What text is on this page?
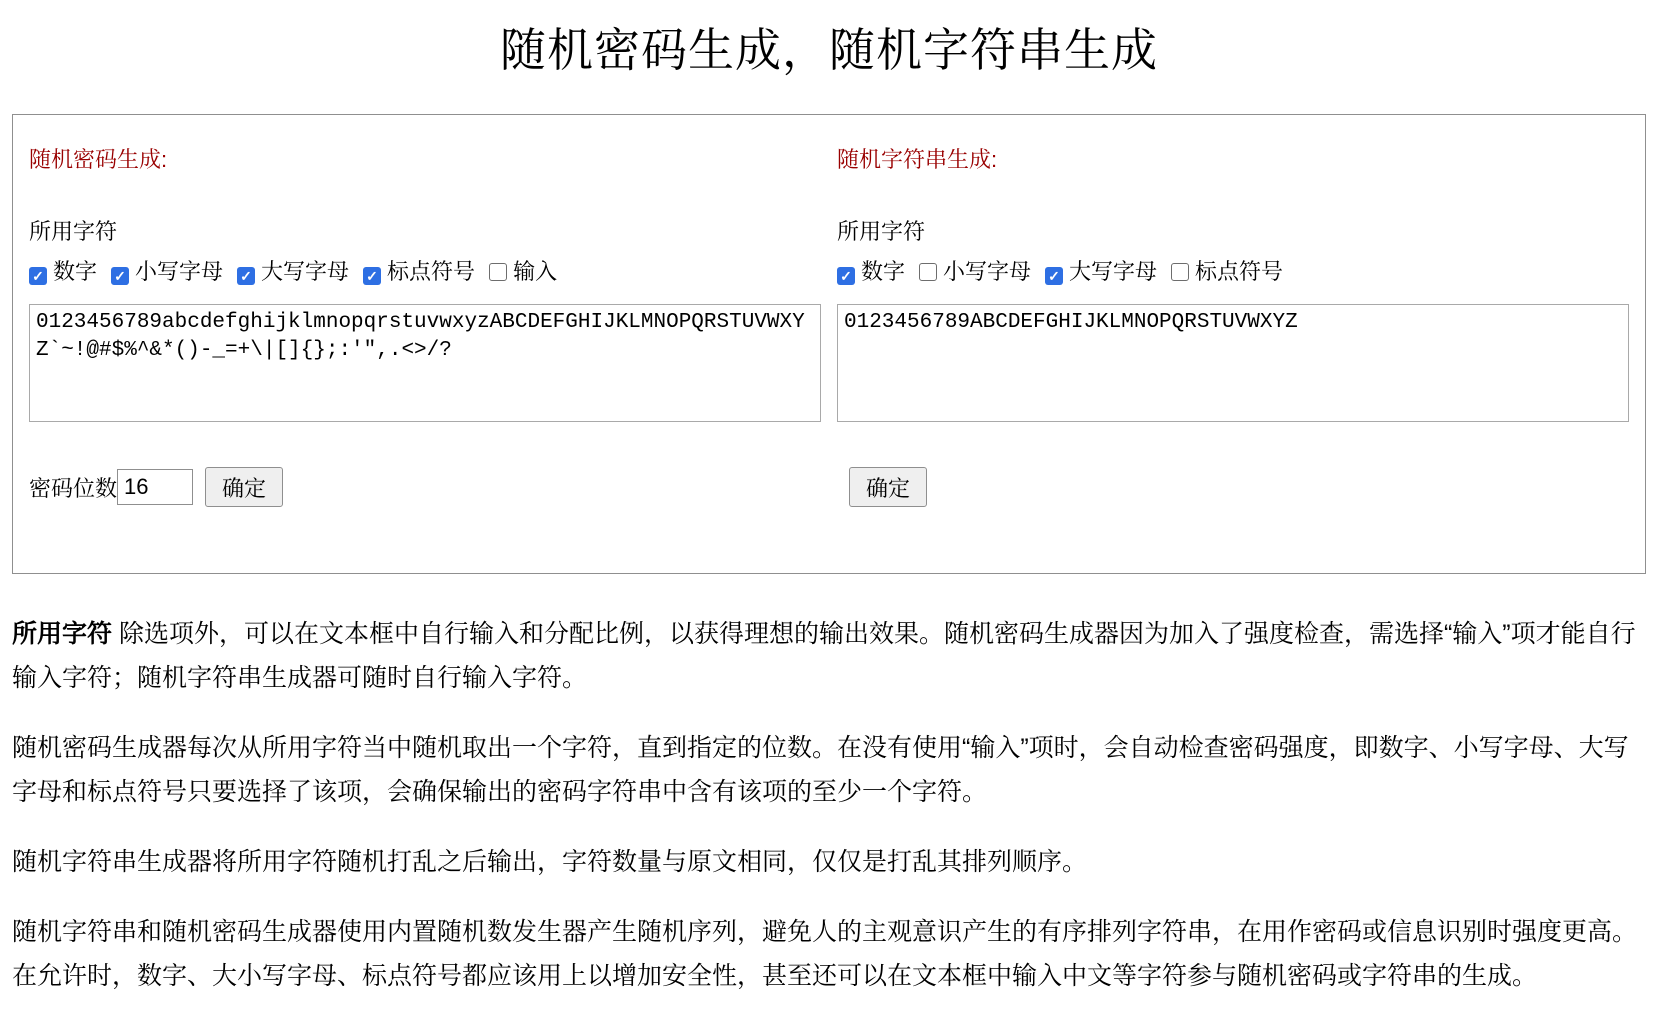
随机密码生成，随机字符串生成

随机密码生成:

所用字符
✓ 数字 ✓ 小写字母 ✓ 大写字母 ✓ 标点符号 输入

0123456789abcdefghijklmnopqrstuvwxyzABCDEFGHIJKLMNOPQRSTUVWXYZ`~!@#$%^&*()-_=+\|[]{};:'",.<>/?

密码位数
16	确定

随机字符串生成:

所用字符
✓ 数字 小写字母 ✓ 大写字母 标点符号

0123456789ABCDEFGHIJKLMNOPQRSTUVWXYZ

确定

所用字符 除选项外，可以在文本框中自行输入和分配比例，以获得理想的输出效果。随机密码生成器因为加入了强度检查，需选择“输入”项才能自行输入字符；随机字符串生成器可随时自行输入字符。

随机密码生成器每次从所用字符当中随机取出一个字符，直到指定的位数。在没有使用“输入”项时，会自动检查密码强度，即数字、小写字母、大写字母和标点符号只要选择了该项，会确保输出的密码字符串中含有该项的至少一个字符。

随机字符串生成器将所用字符随机打乱之后输出，字符数量与原文相同，仅仅是打乱其排列顺序。

随机字符串和随机密码生成器使用内置随机数发生器产生随机序列，避免人的主观意识产生的有序排列字符串，在用作密码或信息识别时强度更高。在允许时，数字、大小写字母、标点符号都应该用上以增加安全性，甚至还可以在文本框中输入中文等字符参与随机密码或字符串的生成。
